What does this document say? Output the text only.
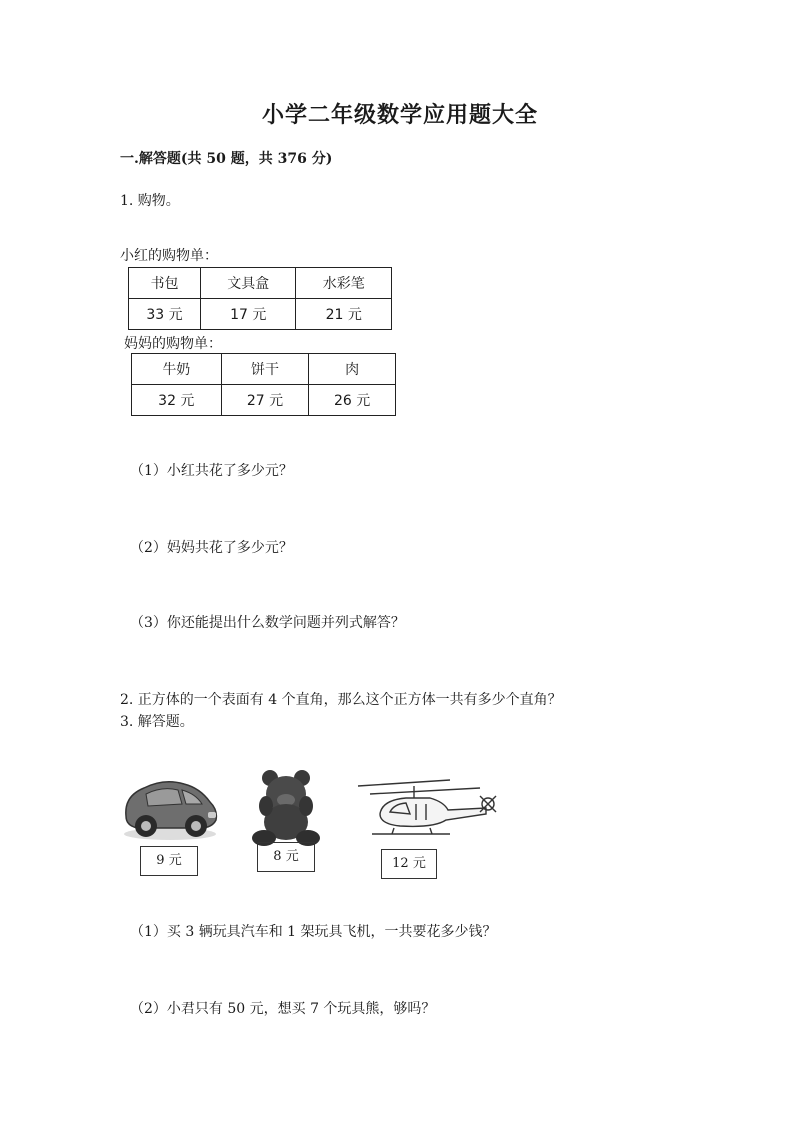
小学二年级数学应用题大全
一.解答题(共 50 题，共 376 分)
1. 购物。
小红的购物单：
书包	文具盒	水彩笔
33 元	17 元	21 元
妈妈的购物单：
牛奶	饼干	肉
32 元	27 元	26 元
（1）小红共花了多少元？
（2）妈妈共花了多少元？
（3）你还能提出什么数学问题并列式解答？
2. 正方体的一个表面有 4 个直角，那么这个正方体一共有多少个直角？
3. 解答题。
9 元	8 元	12 元
（1）买 3 辆玩具汽车和 1 架玩具飞机，一共要花多少钱？
（2）小君只有 50 元，想买 7 个玩具熊，够吗？
